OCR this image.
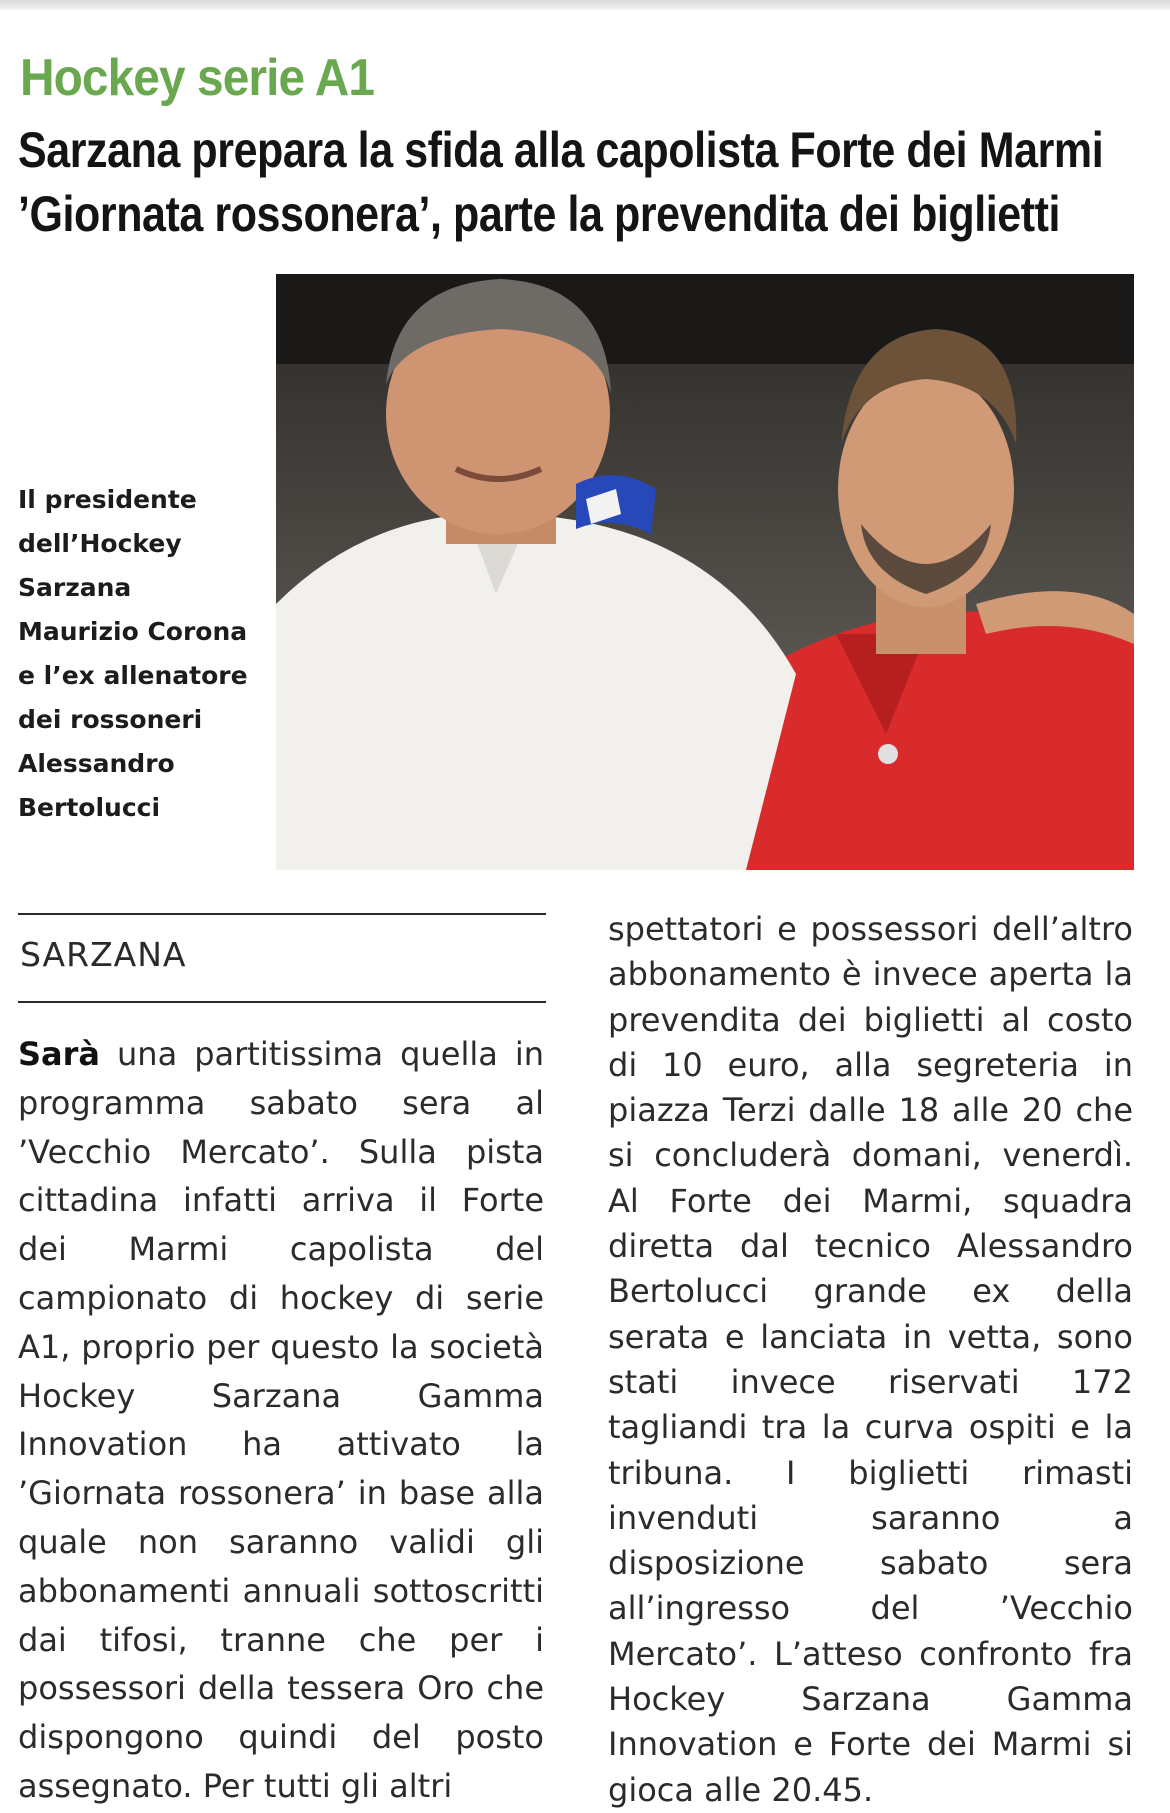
Hockey serie A1
Sarzana prepara la sfida alla capolista Forte dei Marmi
’Giornata rossonera’, parte la prevendita dei biglietti
Il presidente dell’Hockey Sarzana Maurizio Corona e l’ex allenatore dei rossoneri Alessandro Bertolucci
SARZANA

Sarà una partitissima quella in programma sabato sera al ’Vecchio Mercato’. Sulla pista cittadina infatti arriva il Forte dei Marmi capolista del campionato di hockey di serie A1, proprio per questo la società Hockey Sarzana Gamma Innovation ha attivato la ’Giornata rossonera’ in base alla quale non saranno validi gli abbonamenti annuali sottoscritti dai tifosi, tranne che per i possessori della tessera Oro che dispongono quindi del posto assegnato. Per tutti gli altri

spettatori e possessori dell’altro abbonamento è invece aperta la prevendita dei biglietti al costo di 10 euro, alla segreteria in piazza Terzi dalle 18 alle 20 che si concluderà domani, venerdì. Al Forte dei Marmi, squadra diretta dal tecnico Alessandro Bertolucci grande ex della serata e lanciata in vetta, sono stati invece riservati 172 tagliandi tra la curva ospiti e la tribuna. I biglietti rimasti invenduti saranno a disposizione sabato sera all’ingresso del ’Vecchio Mercato’. L’atteso confronto fra Hockey Sarzana Gamma Innovation e Forte dei Marmi si gioca alle 20.45.
